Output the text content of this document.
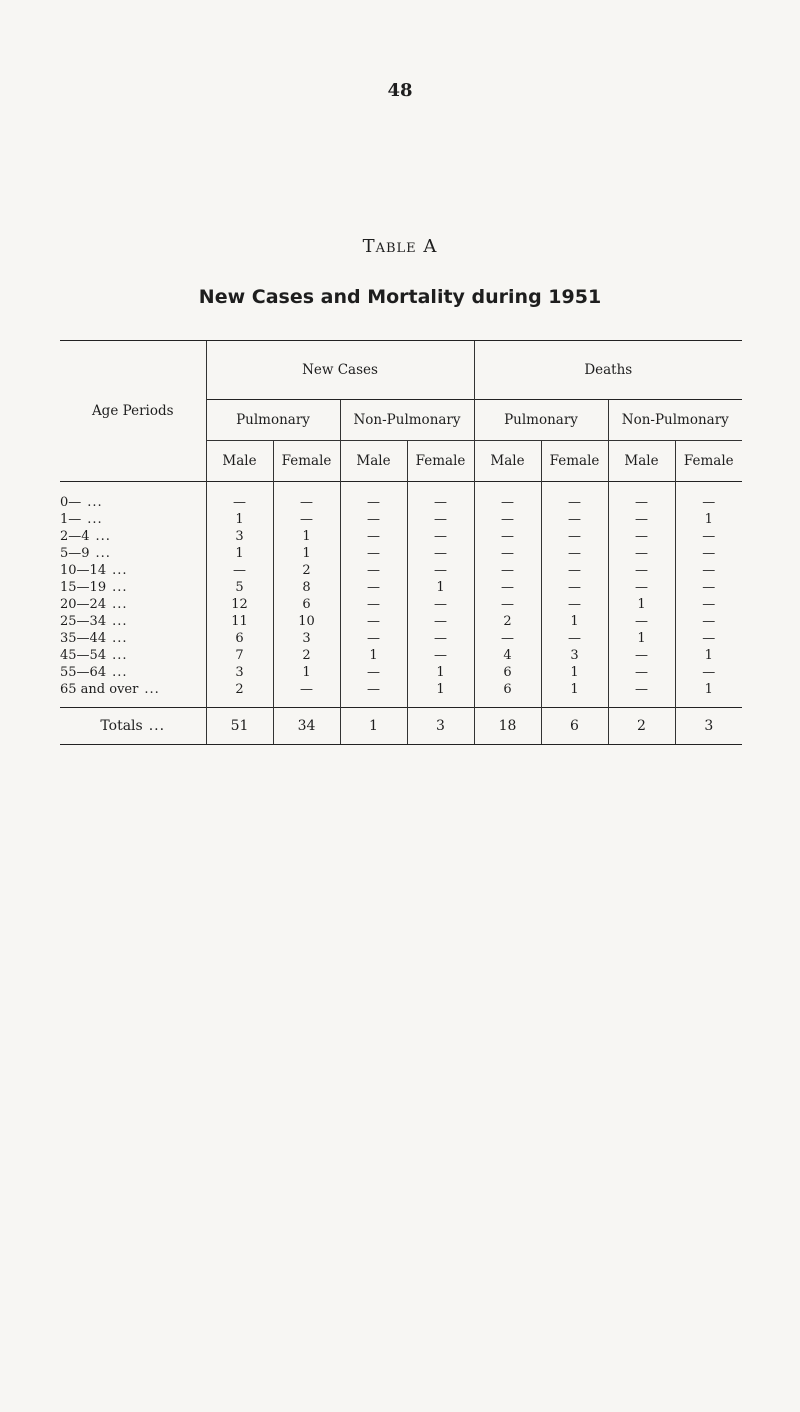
48
Table A
New Cases and Mortality during 1951
Age Periods	New Cases				Deaths			
	Pulmonary		Non-Pulmonary		Pulmonary		Non-Pulmonary	
	Male	Female	Male	Female	Male	Female	Male	Female
0— ...	—	—	—	—	—	—	—	—
1— ...	1	—	—	—	—	—	—	1
2—4 ...	3	1	—	—	—	—	—	—
5—9 ...	1	1	—	—	—	—	—	—
10—14 ...	—	2	—	—	—	—	—	—
15—19 ...	5	8	—	1	—	—	—	—
20—24 ...	12	6	—	—	—	—	1	—
25—34 ...	11	10	—	—	2	1	—	—
35—44 ...	6	3	—	—	—	—	1	—
45—54 ...	7	2	1	—	4	3	—	1
55—64 ...	3	1	—	1	6	1	—	—
65 and over ...	2	—	—	1	6	1	—	1
Totals ...	51	34	1	3	18	6	2	3
